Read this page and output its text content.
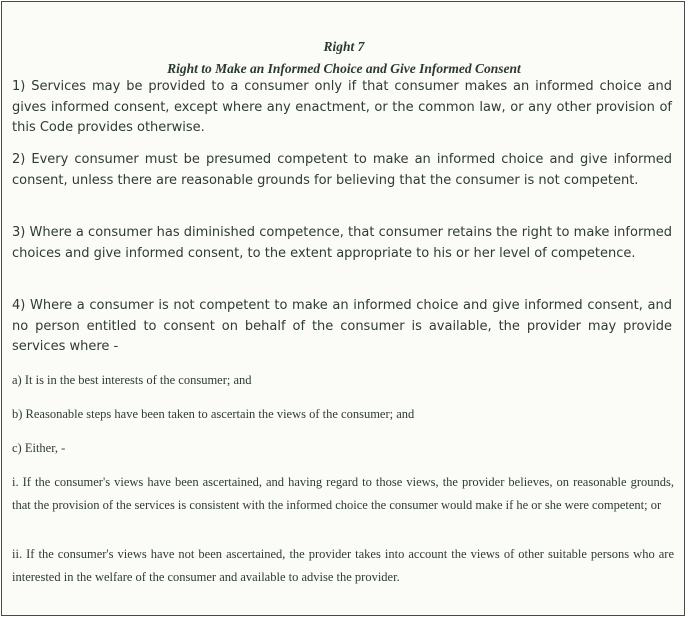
Right 7
Right to Make an Informed Choice and Give Informed Consent

1) Services may be provided to a consumer only if that consumer makes an informed choice and gives informed consent, except where any enactment, or the common law, or any other provision of this Code provides otherwise.

2) Every consumer must be presumed competent to make an informed choice and give informed consent, unless there are reasonable grounds for believing that the consumer is not competent.

3) Where a consumer has diminished competence, that consumer retains the right to make informed choices and give informed consent, to the extent appropriate to his or her level of competence.

4) Where a consumer is not competent to make an informed choice and give informed consent, and no person entitled to consent on behalf of the consumer is available, the provider may provide services where -

a) It is in the best interests of the consumer; and

b) Reasonable steps have been taken to ascertain the views of the consumer; and

c) Either, -

i. If the consumer's views have been ascertained, and having regard to those views, the provider believes, on reasonable grounds, that the provision of the services is consistent with the informed choice the consumer would make if he or she were competent; or

ii. If the consumer's views have not been ascertained, the provider takes into account the views of other suitable persons who are interested in the welfare of the consumer and available to advise the provider.
